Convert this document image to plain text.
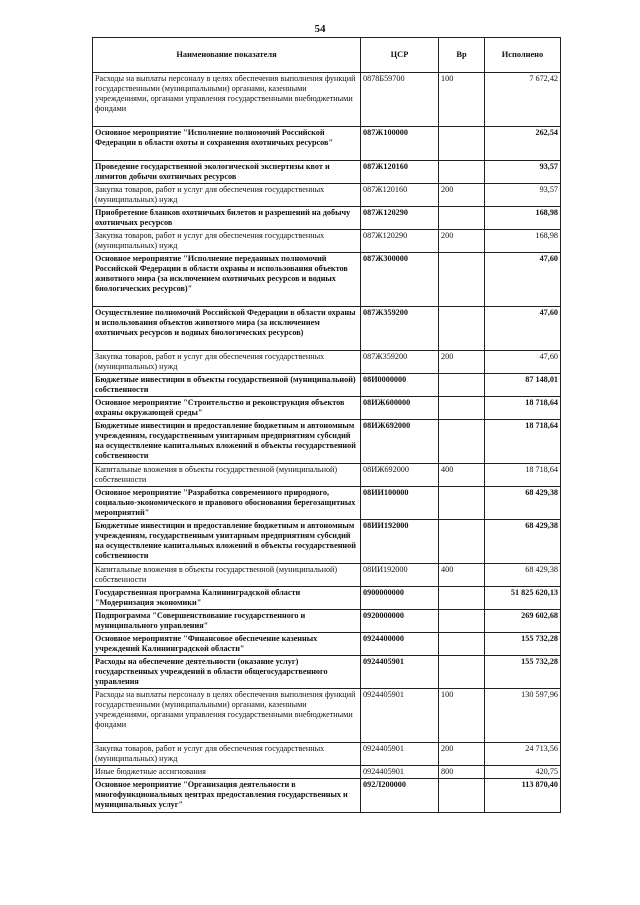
54
Наименование показателя	ЦСР	Вр	Исполнено
Расходы на выплаты персоналу в целях обеспечения выполнения функций государственными (муниципальными) органами, казенными учреждениями, органами управления государственными внебюджетными фондами	0878Б59700	100	7 672,42
Основное мероприятие "Исполнение полномочий Российской Федерации в области охоты и сохранения охотничьих ресурсов"	087Ж100000		262,54
Проведение государственной экологической экспертизы квот и лимитов добычи охотничьих ресурсов	087Ж120160		93,57
Закупка товаров, работ и услуг для обеспечения государственных (муниципальных) нужд	087Ж120160	200	93,57
Приобретение бланков охотничьих билетов и разрешений на добычу охотничьих ресурсов	087Ж120290		168,98
Закупка товаров, работ и услуг для обеспечения государственных (муниципальных) нужд	087Ж120290	200	168,98
Основное мероприятие "Исполнение переданных полномочий Российской Федерации в области охраны и использования объектов животного мира (за исключением охотничьих ресурсов и водных биологических ресурсов)"	087Ж300000		47,60
Осуществление полномочий Российской Федерации в области охраны и использования объектов животного мира (за исключением охотничьих ресурсов и водных биологических ресурсов)	087Ж359200		47,60
Закупка товаров, работ и услуг для обеспечения государственных (муниципальных) нужд	087Ж359200	200	47,60
Бюджетные инвестиции в объекты государственной (муниципальной) собственности	08И0000000		87 148,01
Основное мероприятие "Строительство и реконструкция объектов охраны окружающей среды"	08ИЖ600000		18 718,64
Бюджетные инвестиции и предоставление бюджетным и автономным учреждениям, государственным унитарным предприятиям субсидий на осуществление капитальных вложений в объекты государственной собственности	08ИЖ692000		18 718,64
Капитальные вложения в объекты государственной (муниципальной) собственности	08ИЖ692000	400	18 718,64
Основное мероприятие "Разработка современного природного, социально-экономического и правового обоснования берегозащитных мероприятий"	08ИИ100000		68 429,38
Бюджетные инвестиции и предоставление бюджетным и автономным учреждениям, государственным унитарным предприятиям субсидий на осуществление капитальных вложений в объекты государственной собственности	08ИИ192000		68 429,38
Капитальные вложения в объекты государственной (муниципальной) собственности	08ИИ192000	400	68 429,38
Государственная программа Калининградской области "Модернизация экономики"	0900000000		51 825 620,13
Подпрограмма "Совершенствование государственного и муниципального управления"	0920000000		269 602,68
Основное мероприятие "Финансовое обеспечение казенных учреждений Калининградской области"	0924400000		155 732,28
Расходы на обеспечение деятельности (оказание услуг) государственных учреждений в области общегосударственного управления	0924405901		155 732,28
Расходы на выплаты персоналу в целях обеспечения выполнения функций государственными (муниципальными) органами, казенными учреждениями, органами управления государственными внебюджетными фондами	0924405901	100	130 597,96
Закупка товаров, работ и услуг для обеспечения государственных (муниципальных) нужд	0924405901	200	24 713,56
Иные бюджетные ассигнования	0924405901	800	420,75
Основное мероприятие "Организация деятельности в многофункциональных центрах предоставления государственных и муниципальных услуг"	092Л200000		113 870,40
